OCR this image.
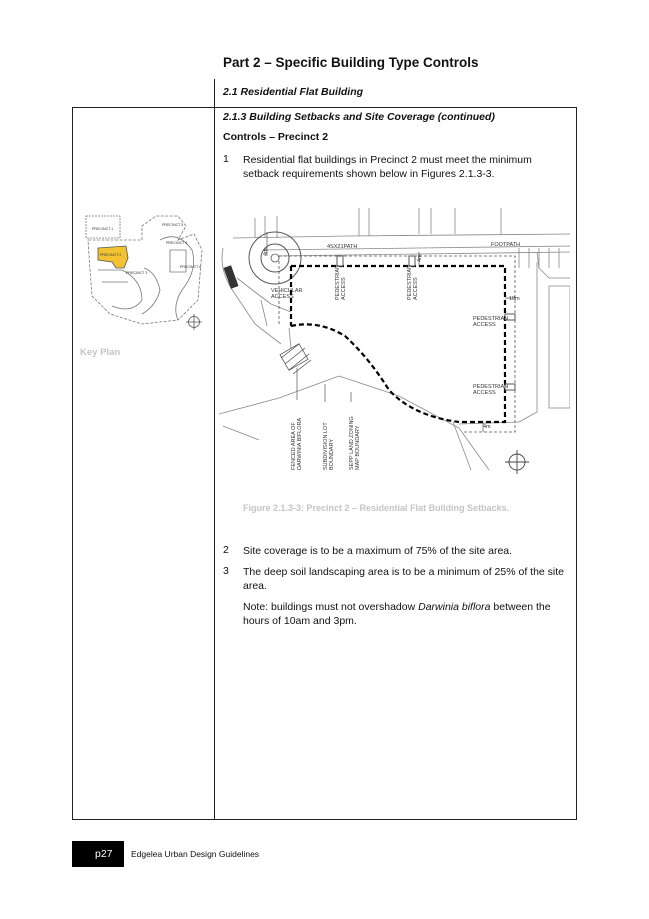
Part 2 – Specific Building Type Controls
2.1 Residential Flat Building
2.1.3 Building Setbacks and Site Coverage (continued)
Controls – Precinct 2
1 Residential flat buildings in Precinct 2 must meet the minimum setback requirements shown below in Figures 2.1.3-3.
PRECINCT 1
PRECINCT 2
PRECINCT 3
PRECINCT 4
PRECINCT 5
PRECINCT 6
Key Plan
4SX21PATH	FOOTPATH
VEHICULAR
ACCESS
PEDESTRIAN
ACCESS
PEDESTRIAN
ACCESS
10m
4m
PEDESTRIAN ACCESS	PEDESTRIAN ACCESS
4m
4m
FENCED AREA OF DARWINIA BIFLORA	SUBDIVISION LOT BOUNDARY	SEPP LAND ZONING MAP BOUNDARY
Figure 2.1.3-3: Precinct 2 – Residential Flat Building Setbacks.
2 Site coverage is to be a maximum of 75% of the site area.
3 The deep soil landscaping area is to be a minimum of 25% of the site area.
Note: buildings must not overshadow Darwinia biflora between the hours of 10am and 3pm.
p27 Edgelea Urban Design Guidelines
